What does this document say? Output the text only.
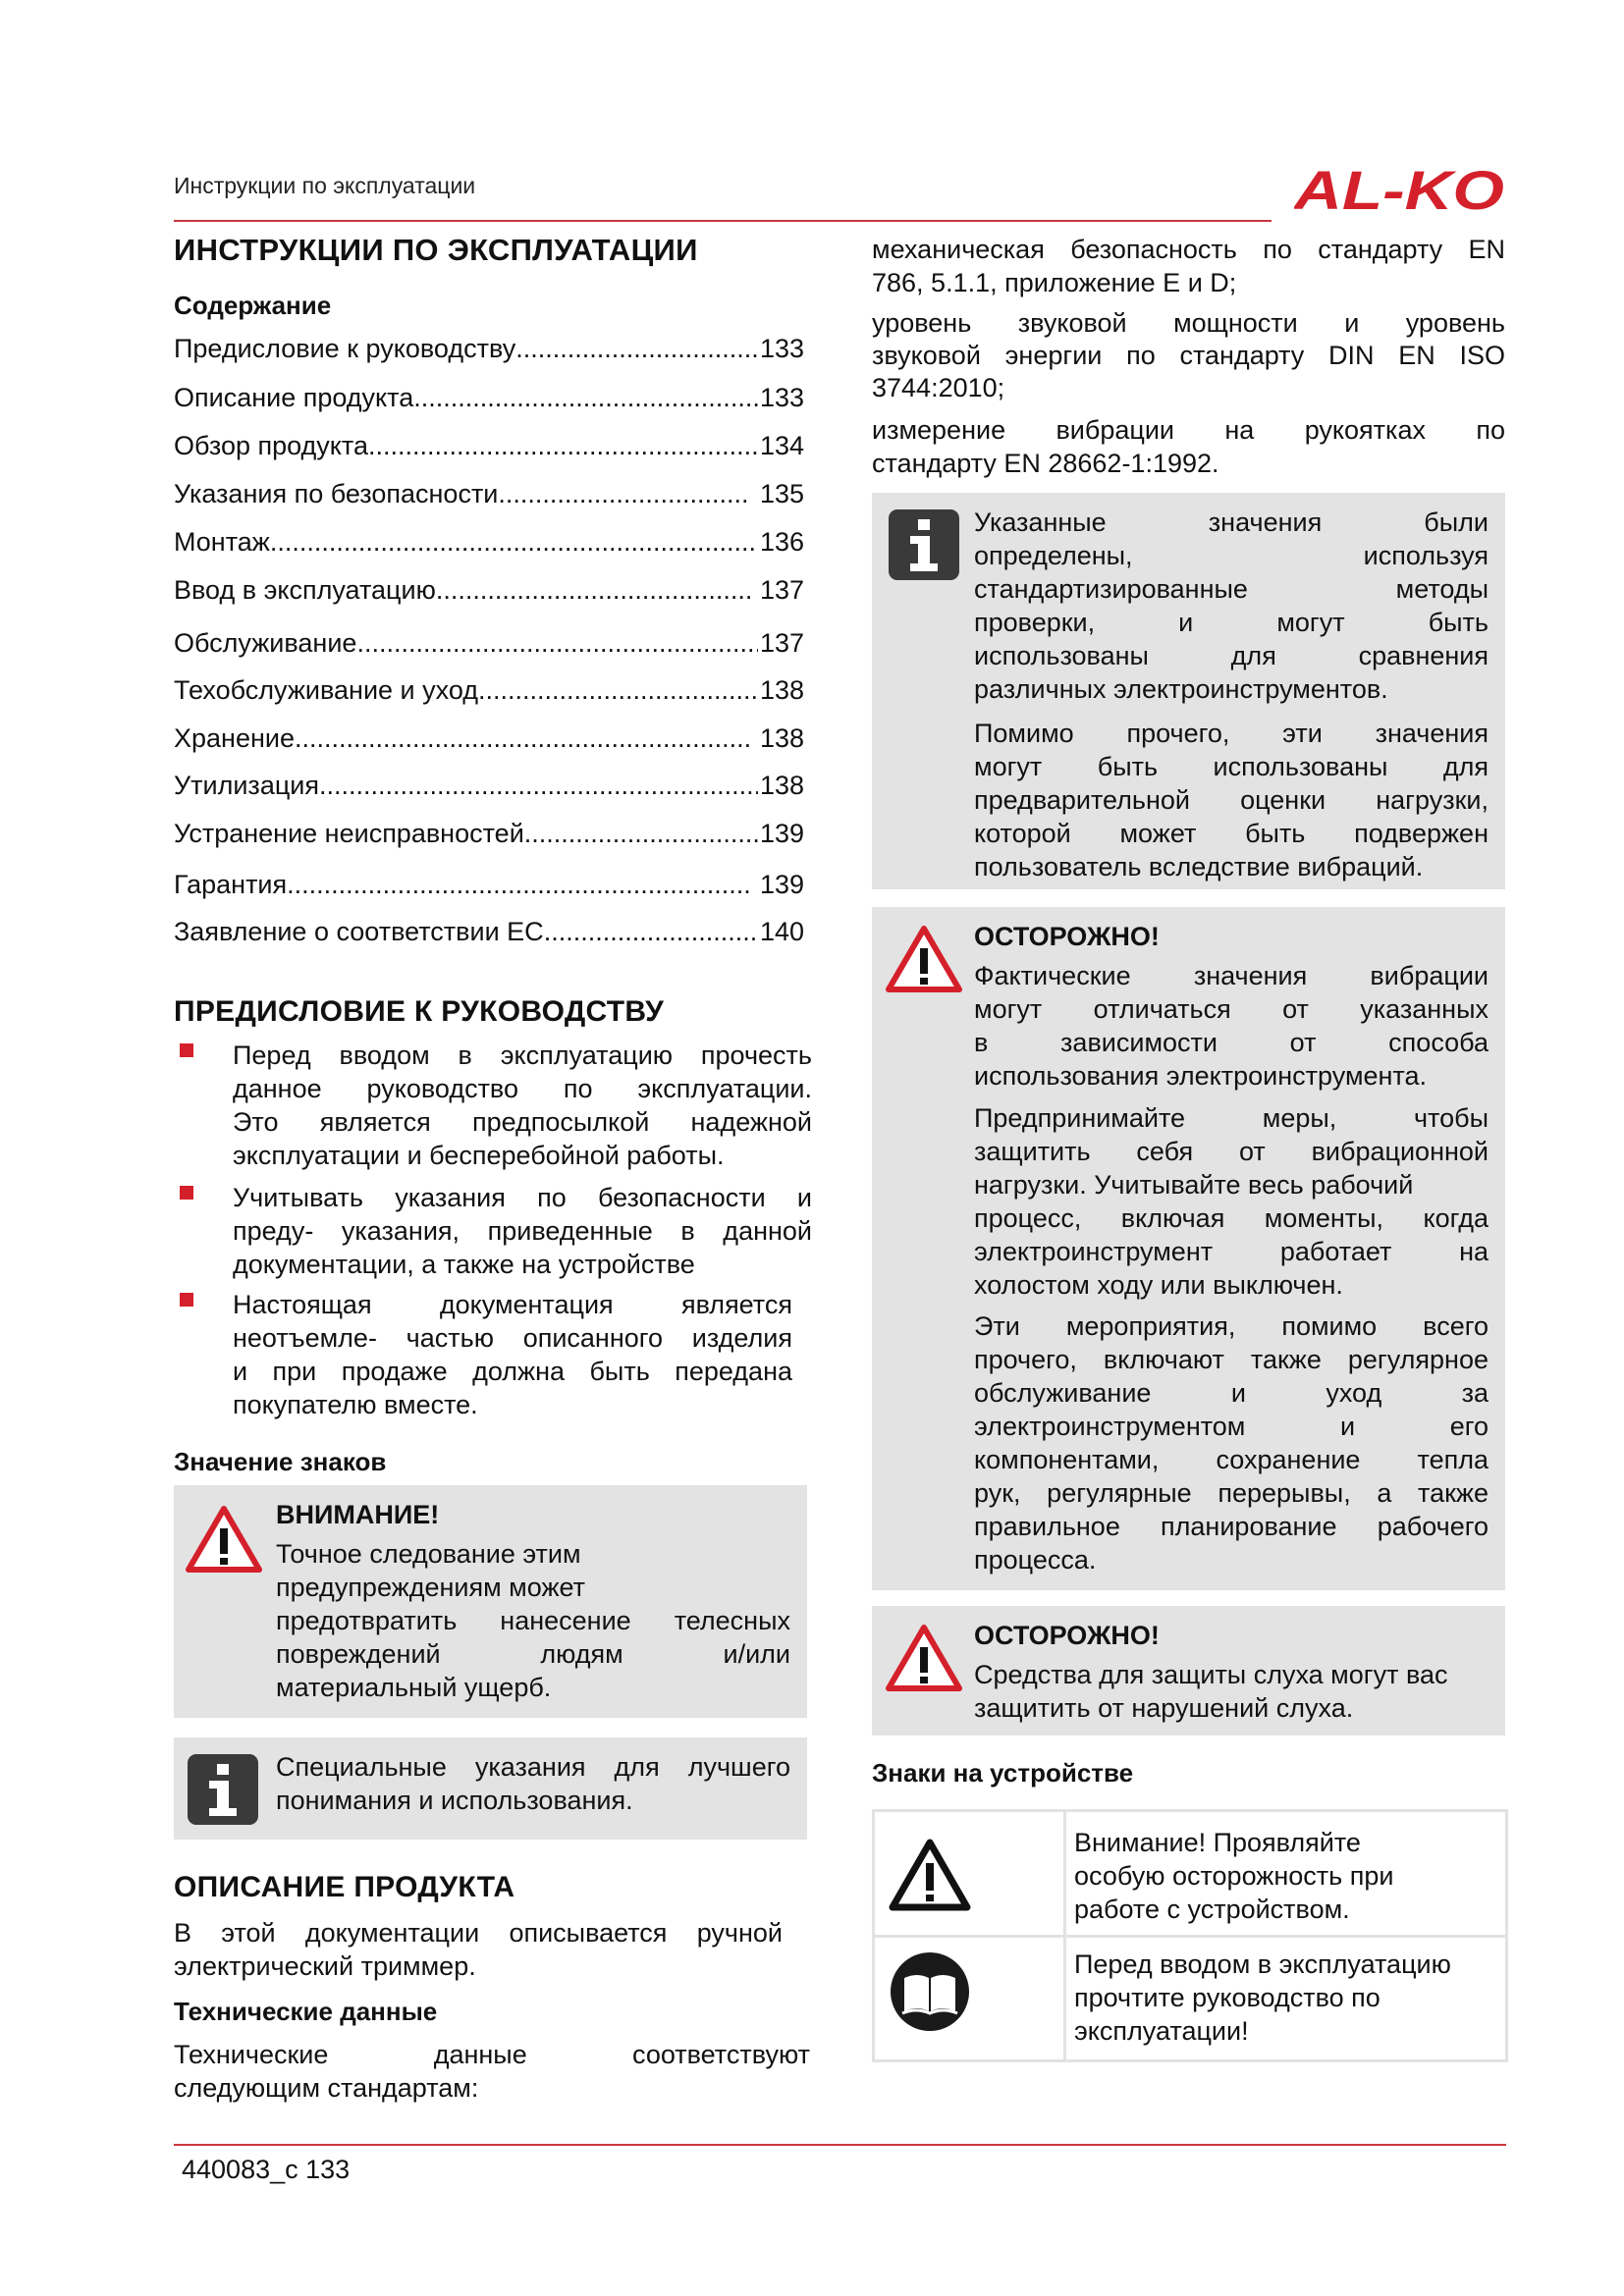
Инструкции по эксплуатации	AL-KO
ИНСТРУКЦИИ ПО ЭКСПЛУАТАЦИИ
Содержание
Предисловие к руководству .....	133
Описание продукта .....	133
Обзор продукта .....	134
Указания по безопасности .....	135
Монтаж .....	136
Ввод в эксплуатацию .....	137
Обслуживание .....	137
Техобслуживание и уход .....	138
Хранение .....	138
Утилизация .....	138
Устранение неисправностей .....	139
Гарантия .....	139
Заявление о соответствии ЕС .....	140
ПРЕДИСЛОВИЕ К РУКОВОДСТВУ
Перед вводом в эксплуатацию прочесть
данное руководство по эксплуатации.
Это является предпосылкой надежной
эксплуатации и бесперебойной работы.
Учитывать указания по безопасности и
преду- указания, приведенные в данной
документации, а также на устройстве
Настоящая документация является
неотъемле- частью описанного изделия
и при продаже должна быть передана
покупателю вместе.
Значение знаков
ВНИМАНИЕ!
Точное следование этим
предупреждениям может
предотвратить нанесение телесных
повреждений людям и/или
материальный ущерб.
Специальные указания для лучшего
понимания и использования.
ОПИСАНИЕ ПРОДУКТА
В этой документации описывается ручной
электрический триммер.
Технические данные
Технические данные соответствуют
следующим стандартам:
механическая безопасность по стандарту EN
786, 5.1.1, приложение E и D;
уровень звуковой мощности и уровень
звуковой энергии по стандарту DIN EN ISO
3744:2010;
измерение вибрации на рукоятках по
стандарту EN 28662-1:1992.
Указанные значения были
определены, используя
стандартизированные методы
проверки, и могут быть
использованы для сравнения
различных электроинструментов.
Помимо прочего, эти значения
могут быть использованы для
предварительной оценки нагрузки,
которой может быть подвержен
пользователь вследствие вибраций.
ОСТОРОЖНО!
Фактические значения вибрации
могут отличаться от указанных
в зависимости от способа
использования электроинструмента.
Предпринимайте меры, чтобы
защитить себя от вибрационной
нагрузки. Учитывайте весь рабочий
процесс, включая моменты, когда
электроинструмент работает на
холостом ходу или выключен.
Эти мероприятия, помимо всего
прочего, включают также регулярное
обслуживание и уход за
электроинструментом и его
компонентами, сохранение тепла
рук, регулярные перерывы, а также
правильное планирование рабочего
процесса.
ОСТОРОЖНО!
Средства для защиты слуха могут вас
защитить от нарушений слуха.
Знаки на устройстве
Внимание! Проявляйте
особую осторожность при
работе с устройством.
Перед вводом в эксплуатацию
прочтите руководство по
эксплуатации!
440083_c 133
